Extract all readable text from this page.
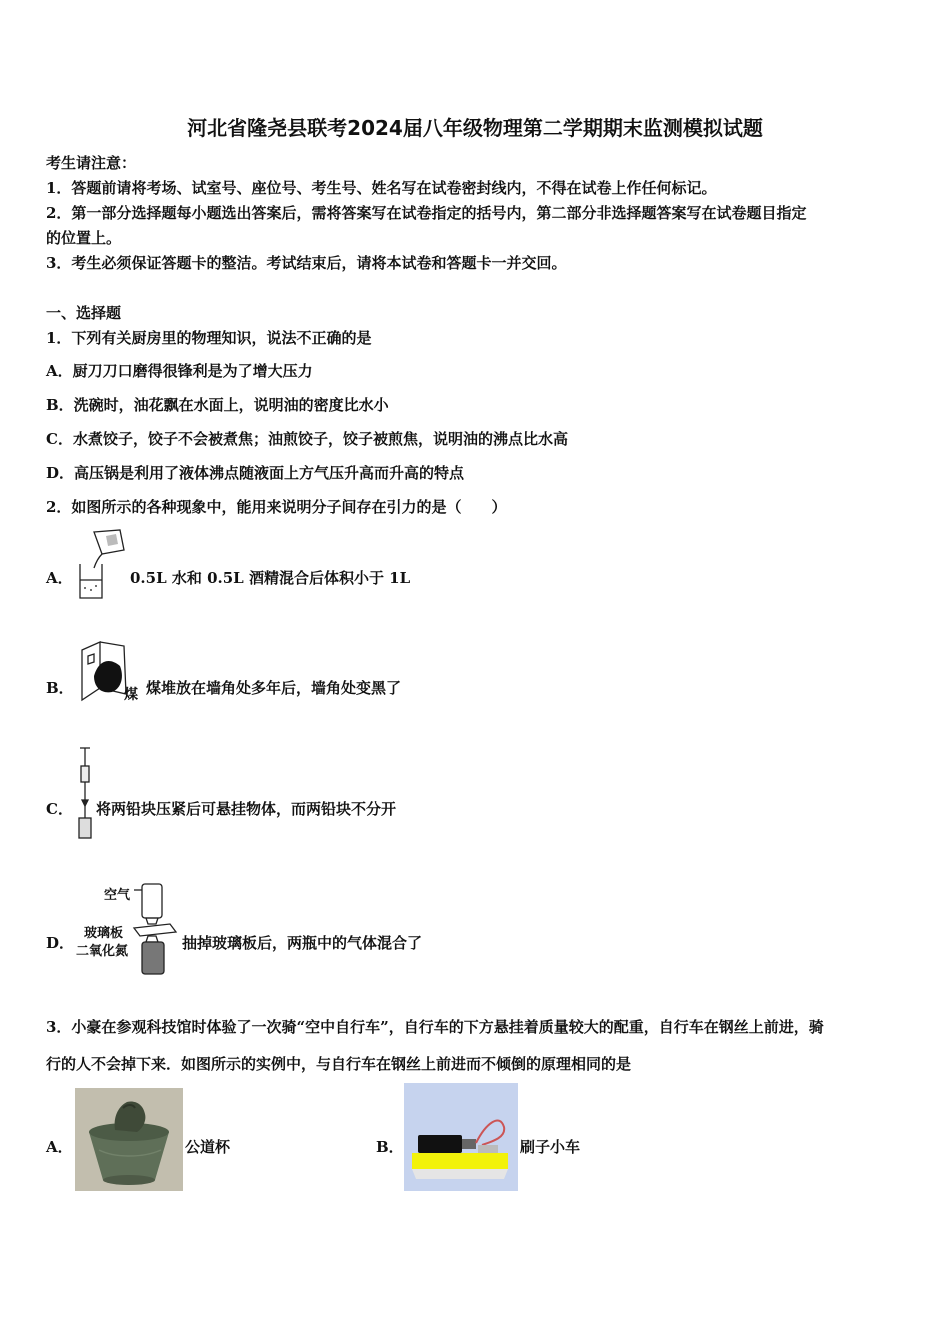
河北省隆尧县联考2024届八年级物理第二学期期末监测模拟试题
考生请注意：
1．答题前请将考场、试室号、座位号、考生号、姓名写在试卷密封线内，不得在试卷上作任何标记。
2．第一部分选择题每小题选出答案后，需将答案写在试卷指定的括号内，第二部分非选择题答案写在试卷题目指定
的位置上。
3．考生必须保证答题卡的整洁。考试结束后，请将本试卷和答题卡一并交回。
一、选择题
1．下列有关厨房里的物理知识，说法不正确的是
A．厨刀刀口磨得很锋利是为了增大压力
B．洗碗时，油花飘在水面上，说明油的密度比水小
C．水煮饺子，饺子不会被煮焦；油煎饺子，饺子被煎焦，说明油的沸点比水高
D．高压锅是利用了液体沸点随液面上方气压升高而升高的特点
2．如图所示的各种现象中，能用来说明分子间存在引力的是（　　）
A．	0.5L 水和 0.5L 酒精混合后体积小于 1L
B．	煤 煤堆放在墙角处多年后，墙角处变黑了
C． 将两铅块压紧后可悬挂物体，而两铅块不分开
D．
空气
玻璃板
二氧化氮	抽掉玻璃板后，两瓶中的气体混合了
3．小豪在参观科技馆时体验了一次骑“空中自行车”，自行车的下方悬挂着质量较大的配重，自行车在钢丝上前进，骑
行的人不会掉下来．如图所示的实例中，与自行车在钢丝上前进而不倾倒的原理相同的是
A．	公道杯	B．	刷子小车
